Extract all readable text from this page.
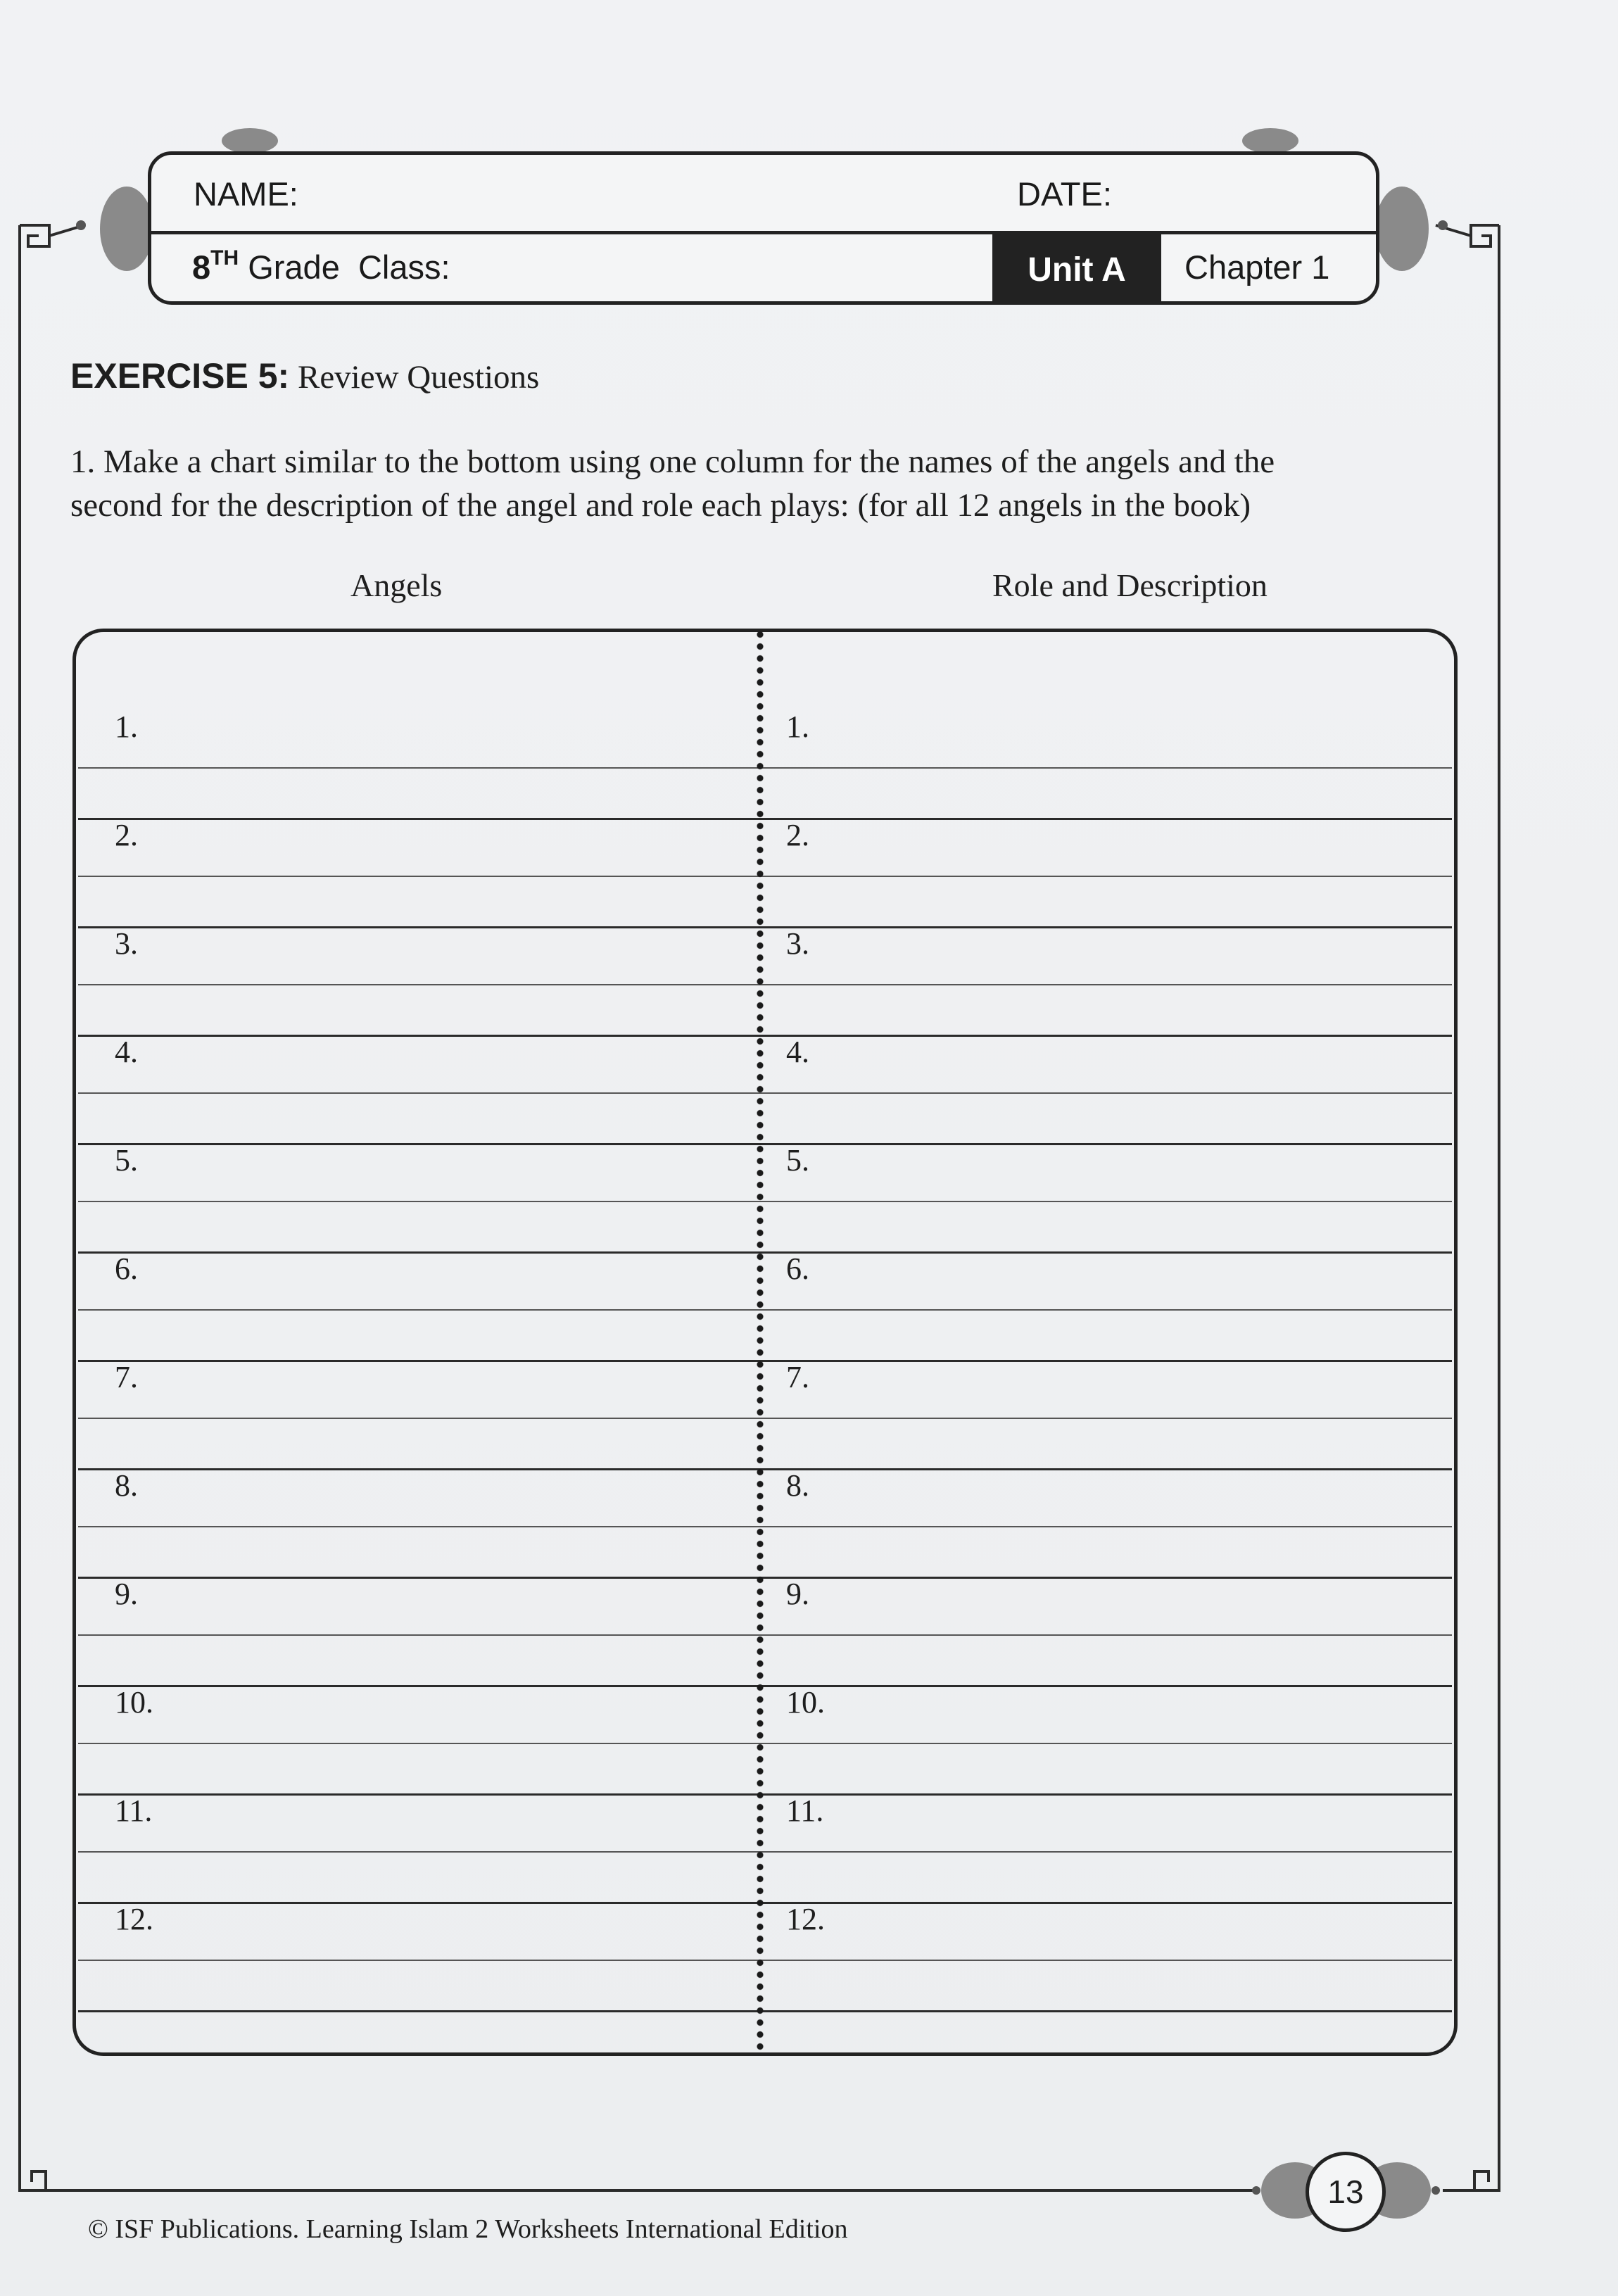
NAME:	DATE:
8TH Grade Class:	Unit A	Chapter 1
EXERCISE 5: Review Questions
1. Make a chart similar to the bottom using one column for the names of the angels and the
second for the description of the angel and role each plays: (for all 12 angels in the book)
Angels	Role and Description
1.	1.
2.	2.
3.	3.
4.	4.
5.	5.
6.	6.
7.	7.
8.	8.
9.	9.
10.	10.
11.	11.
12.	12.
13
© ISF Publications. Learning Islam 2 Worksheets International Edition
